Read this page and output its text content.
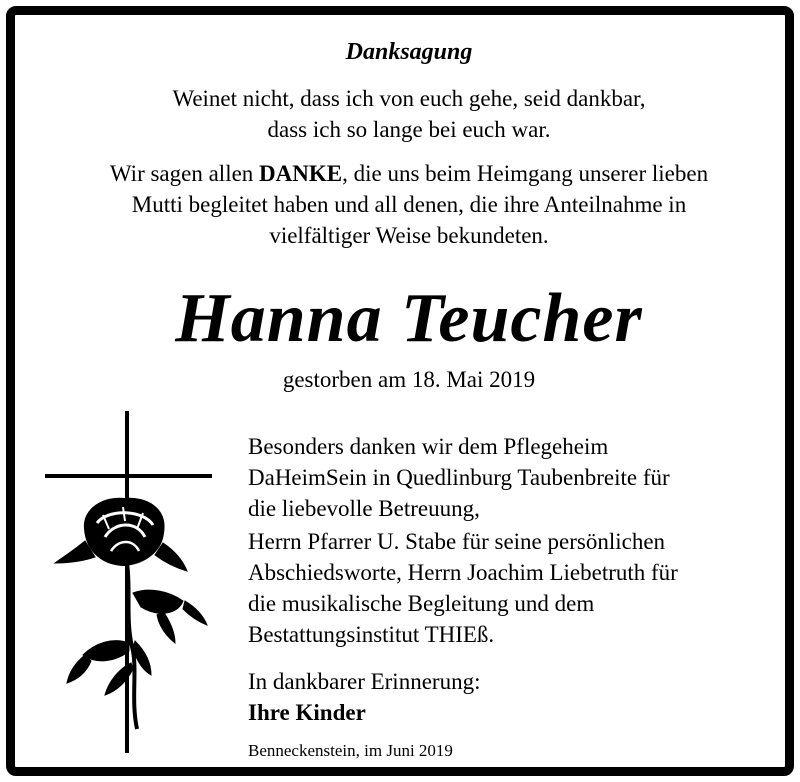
Danksagung
Weinet nicht, dass ich von euch gehe, seid dankbar,
dass ich so lange bei euch war.
Wir sagen allen DANKE, die uns beim Heimgang unserer lieben
Mutti begleitet haben und all denen, die ihre Anteilnahme in
vielfältiger Weise bekundeten.
Hanna Teucher
gestorben am 18. Mai 2019
Besonders danken wir dem Pflegeheim
DaHeimSein in Quedlinburg Taubenbreite für
die liebevolle Betreuung,
Herrn Pfarrer U. Stabe für seine persönlichen
Abschiedsworte, Herrn Joachim Liebetruth für
die musikalische Begleitung und dem
Bestattungsinstitut THIEß.
In dankbarer Erinnerung:
Ihre Kinder
Benneckenstein, im Juni 2019
